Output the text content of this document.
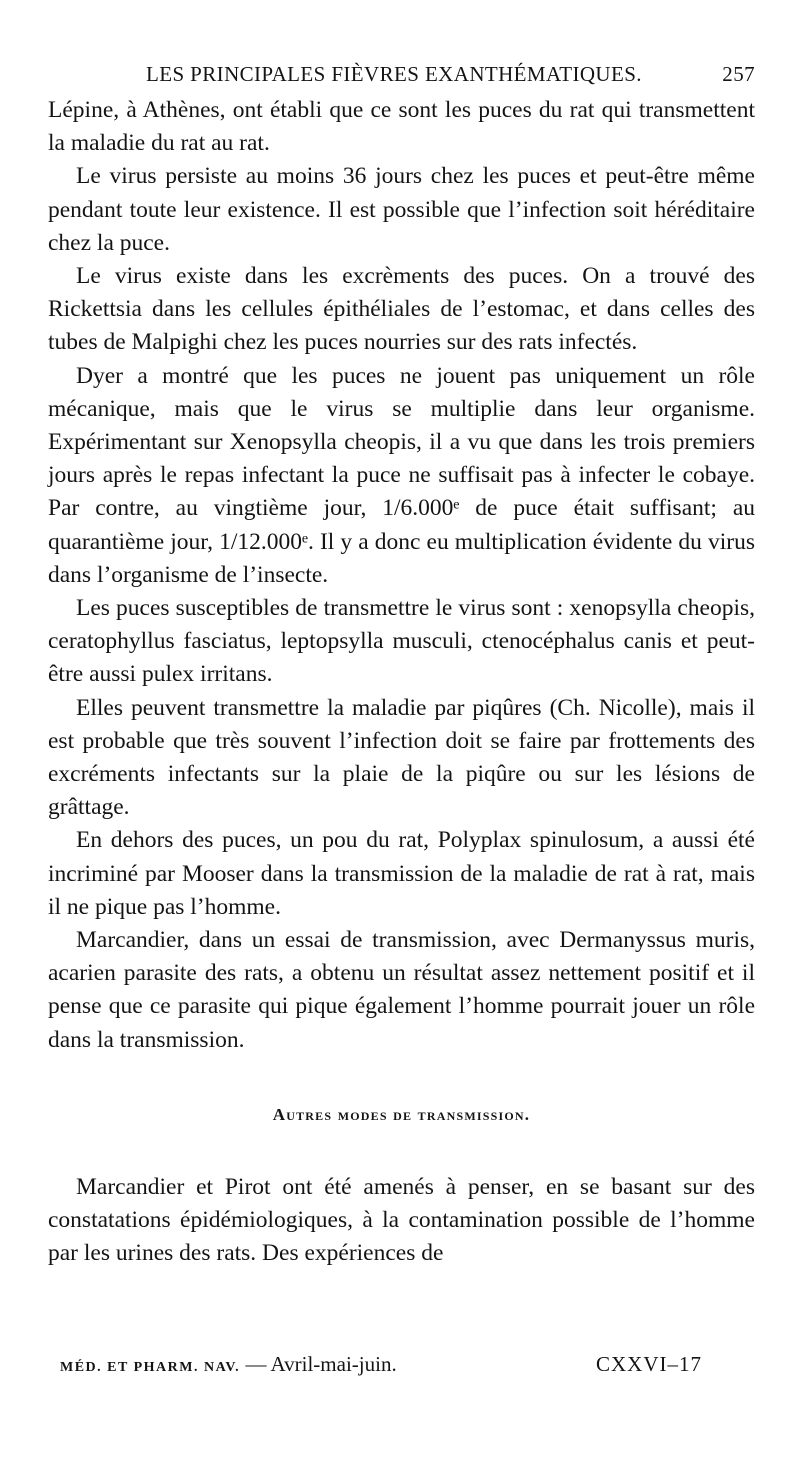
LES PRINCIPALES FIÈVRES EXANTHÉMATIQUES.	257

Lépine, à Athènes, ont établi que ce sont les puces du rat qui transmettent la maladie du rat au rat.

Le virus persiste au moins 36 jours chez les puces et peut-être même pendant toute leur existence. Il est possible que l’infection soit héréditaire chez la puce.

Le virus existe dans les excrèments des puces. On a trouvé des Rickettsia dans les cellules épithéliales de l’estomac, et dans celles des tubes de Malpighi chez les puces nourries sur des rats infectés.

Dyer a montré que les puces ne jouent pas uniquement un rôle mécanique, mais que le virus se multiplie dans leur organisme. Expérimentant sur Xenopsylla cheopis, il a vu que dans les trois premiers jours après le repas infectant la puce ne suffisait pas à infecter le cobaye. Par contre, au vingtième jour, 1/6.000ᵉ de puce était suffisant; au quarantième jour, 1/12.000ᵉ. Il y a donc eu multiplication évidente du virus dans l’organisme de l’insecte.

Les puces susceptibles de transmettre le virus sont : xenopsylla cheopis, ceratophyllus fasciatus, leptopsylla musculi, ctenocéphalus canis et peut-être aussi pulex irritans.

Elles peuvent transmettre la maladie par piqûres (Ch. Nicolle), mais il est probable que très souvent l’infection doit se faire par frottements des excréments infectants sur la plaie de la piqûre ou sur les lésions de grâttage.

En dehors des puces, un pou du rat, Polyplax spinulosum, a aussi été incriminé par Mooser dans la transmission de la maladie de rat à rat, mais il ne pique pas l’homme.

Marcandier, dans un essai de transmission, avec Dermanyssus muris, acarien parasite des rats, a obtenu un résultat assez nettement positif et il pense que ce parasite qui pique également l’homme pourrait jouer un rôle dans la transmission.

Autres modes de transmission.

Marcandier et Pirot ont été amenés à penser, en se basant sur des constatations épidémiologiques, à la contamination possible de l’homme par les urines des rats. Des expériences de

MÉD. ET PHARM. NAV. — Avril-mai-juin.	CXXVI–17
